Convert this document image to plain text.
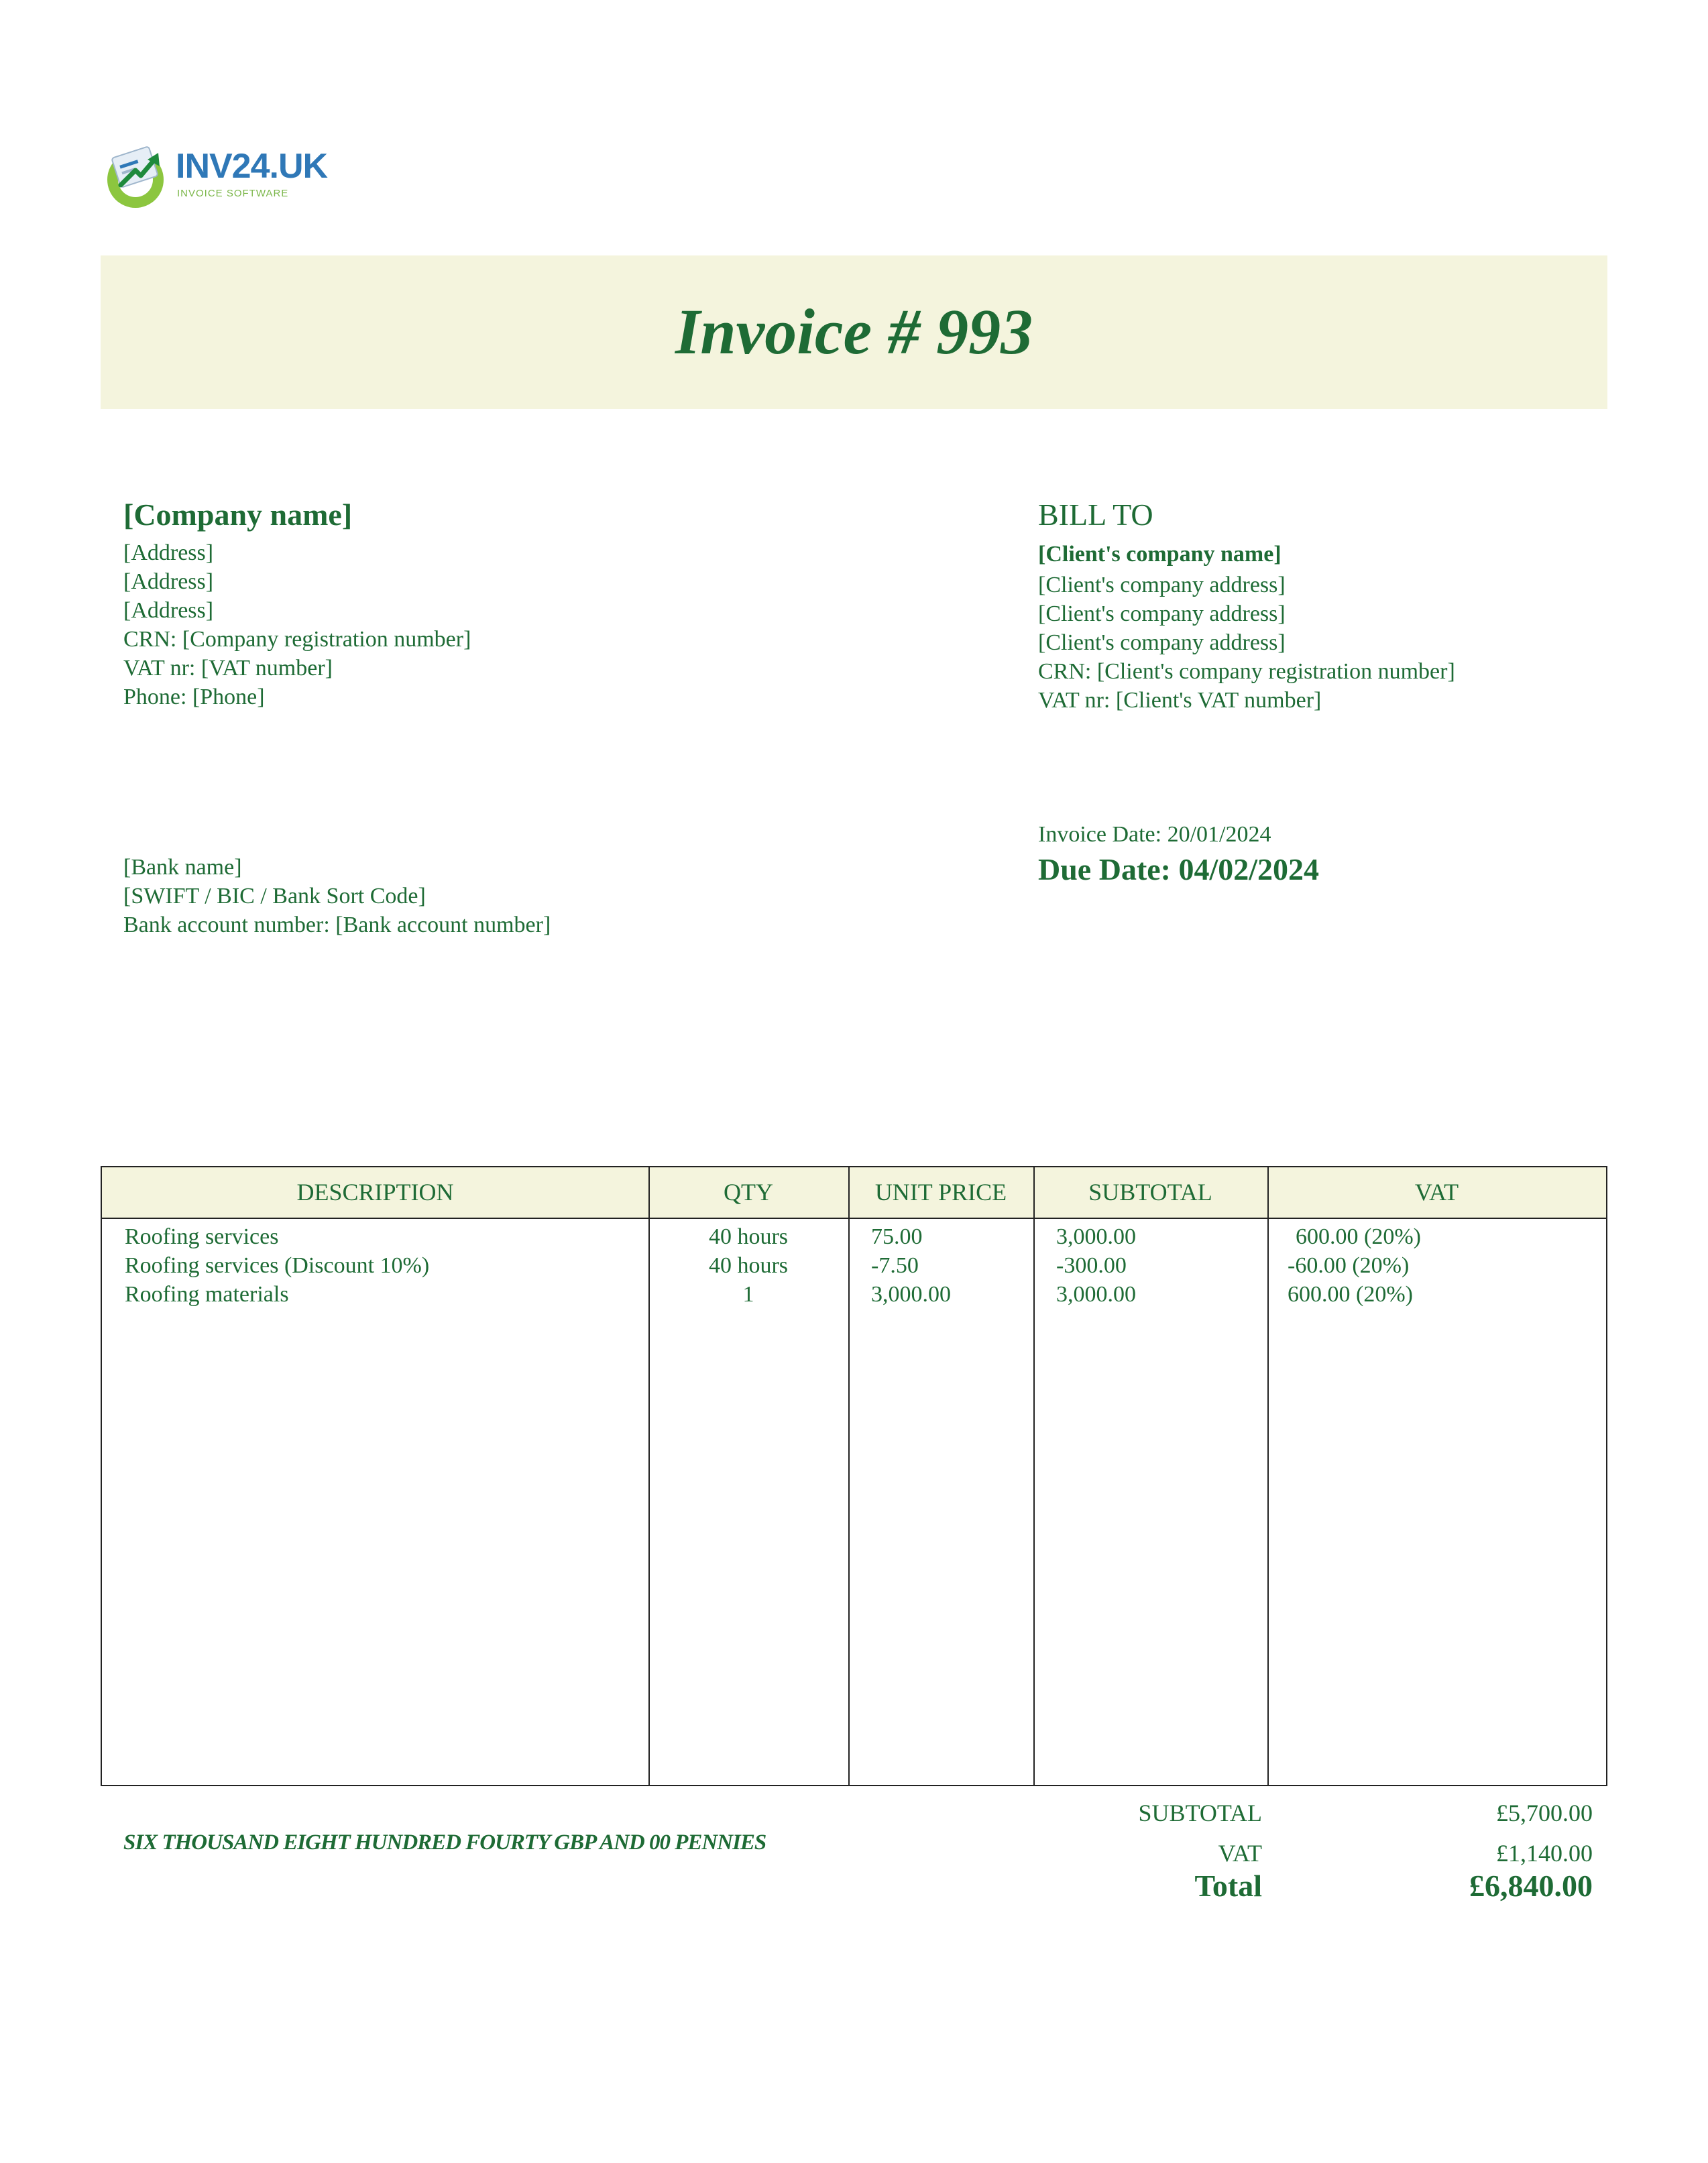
INV24.UK
INVOICE SOFTWARE
Invoice # 993
[Company name]
[Address]
[Address]
[Address]
CRN: [Company registration number]
VAT nr: [VAT number]
Phone: [Phone]
BILL TO
[Client's company name]
[Client's company address]
[Client's company address]
[Client's company address]
CRN: [Client's company registration number]
VAT nr: [Client's VAT number]
[Bank name]
[SWIFT / BIC / Bank Sort Code]
Bank account number: [Bank account number]
Invoice Date: 20/01/2024
Due Date: 04/02/2024
DESCRIPTION	QTY	UNIT PRICE	SUBTOTAL	VAT
Roofing services	40 hours	75.00	3,000.00	600.00 (20%)
Roofing services (Discount 10%)	40 hours	-7.50	-300.00	-60.00 (20%)
Roofing materials	1	3,000.00	3,000.00	600.00 (20%)
SIX THOUSAND EIGHT HUNDRED FOURTY GBP AND 00 PENNIES
SUBTOTAL	£5,700.00
VAT	£1,140.00
Total	£6,840.00
